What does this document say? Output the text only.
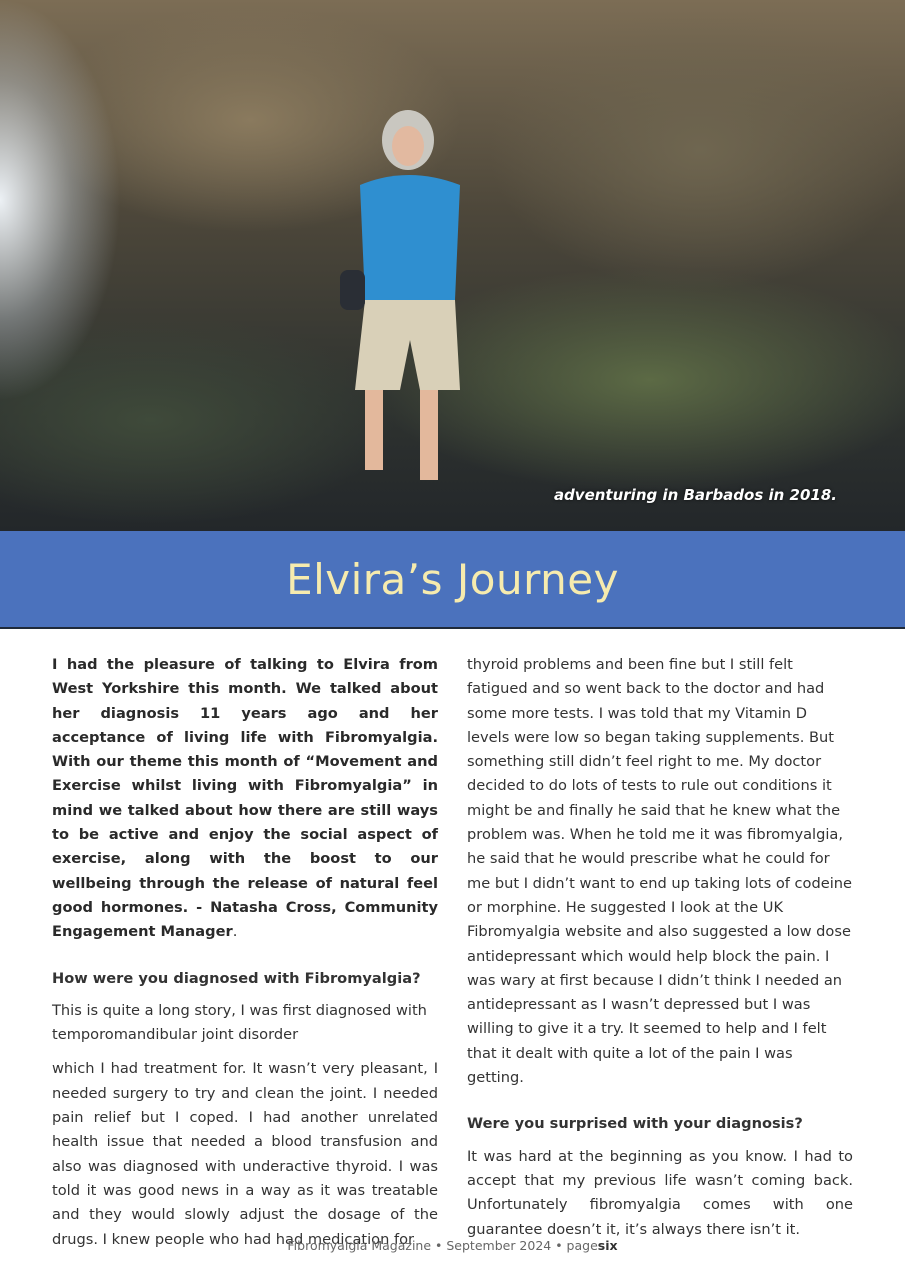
adventuring in Barbados in 2018.
Elvira’s Journey

I had the pleasure of talking to Elvira from West Yorkshire this month. We talked about her diagnosis 11 years ago and her acceptance of living life with Fibromyalgia. With our theme this month of “Movement and Exercise whilst living with Fibromyalgia” in mind we talked about how there are still ways to be active and enjoy the social aspect of exercise, along with the boost to our wellbeing through the release of natural feel good hormones. - Natasha Cross, Community Engagement Manager.

How were you diagnosed with Fibromyalgia?

This is quite a long story, I was first diagnosed with temporomandibular joint disorder

which I had treatment for. It wasn’t very pleasant, I needed surgery to try and clean the joint. I needed pain relief but I coped. I had another unrelated health issue that needed a blood transfusion and also was diagnosed with underactive thyroid. I was told it was good news in a way as it was treatable and they would slowly adjust the dosage of the drugs. I knew people who had had medication for

thyroid problems and been fine but I still felt fatigued and so went back to the doctor and had some more tests. I was told that my Vitamin D levels were low so began taking supplements. But something still didn’t feel right to me. My doctor decided to do lots of tests to rule out conditions it might be and finally he said that he knew what the problem was. When he told me it was fibromyalgia, he said that he would prescribe what he could for me but I didn’t want to end up taking lots of codeine or morphine. He suggested I look at the UK Fibromyalgia website and also suggested a low dose antidepressant which would help block the pain. I was wary at first because I didn’t think I needed an antidepressant as I wasn’t depressed but I was willing to give it a try. It seemed to help and I felt that it dealt with quite a lot of the pain I was getting.

Were you surprised with your diagnosis?

It was hard at the beginning as you know. I had to accept that my previous life wasn’t coming back. Unfortunately fibromyalgia comes with one guarantee doesn’t it, it’s always there isn’t it.

Fibromyalgia Magazine • September 2024 • pagesix
